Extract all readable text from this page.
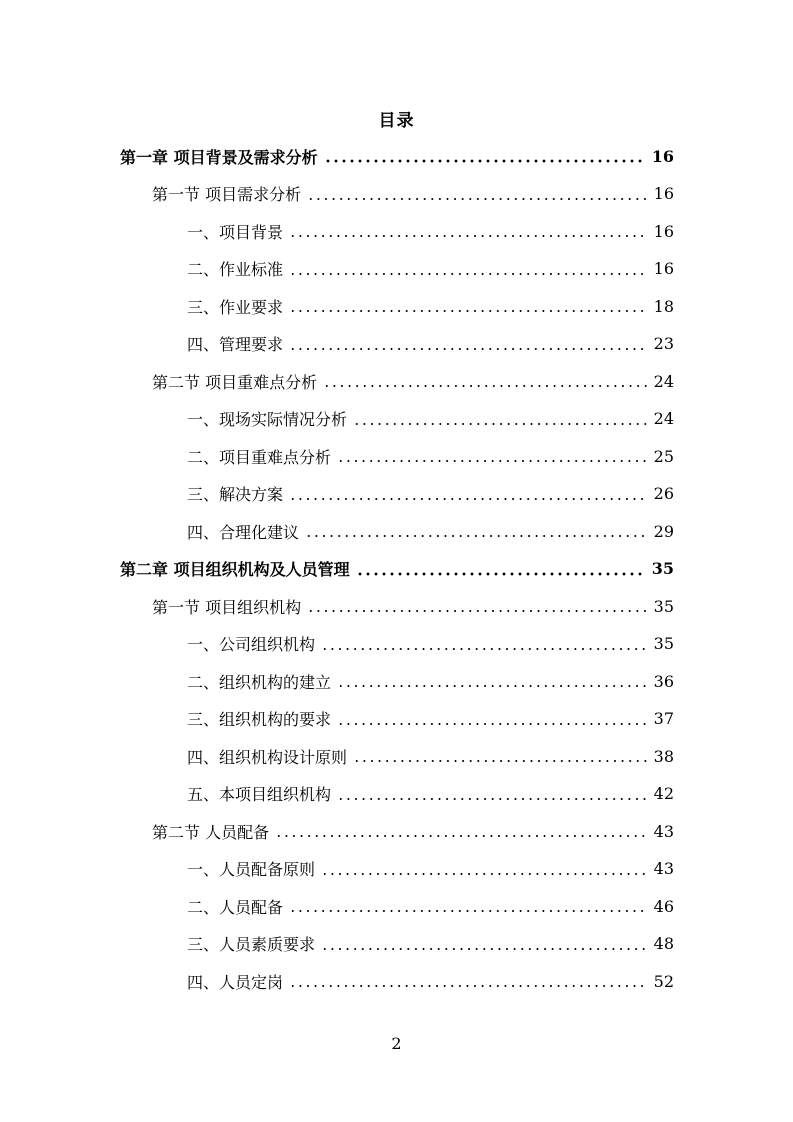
目录
第一章 项目背景及需求分析	16
第一节 项目需求分析	16
一、项目背景	16
二、作业标准	16
三、作业要求	18
四、管理要求	23
第二节 项目重难点分析	24
一、现场实际情况分析	24
二、项目重难点分析	25
三、解决方案	26
四、合理化建议	29
第二章 项目组织机构及人员管理	35
第一节 项目组织机构	35
一、公司组织机构	35
二、组织机构的建立	36
三、组织机构的要求	37
四、组织机构设计原则	38
五、本项目组织机构	42
第二节 人员配备	43
一、人员配备原则	43
二、人员配备	46
三、人员素质要求	48
四、人员定岗	52
2
